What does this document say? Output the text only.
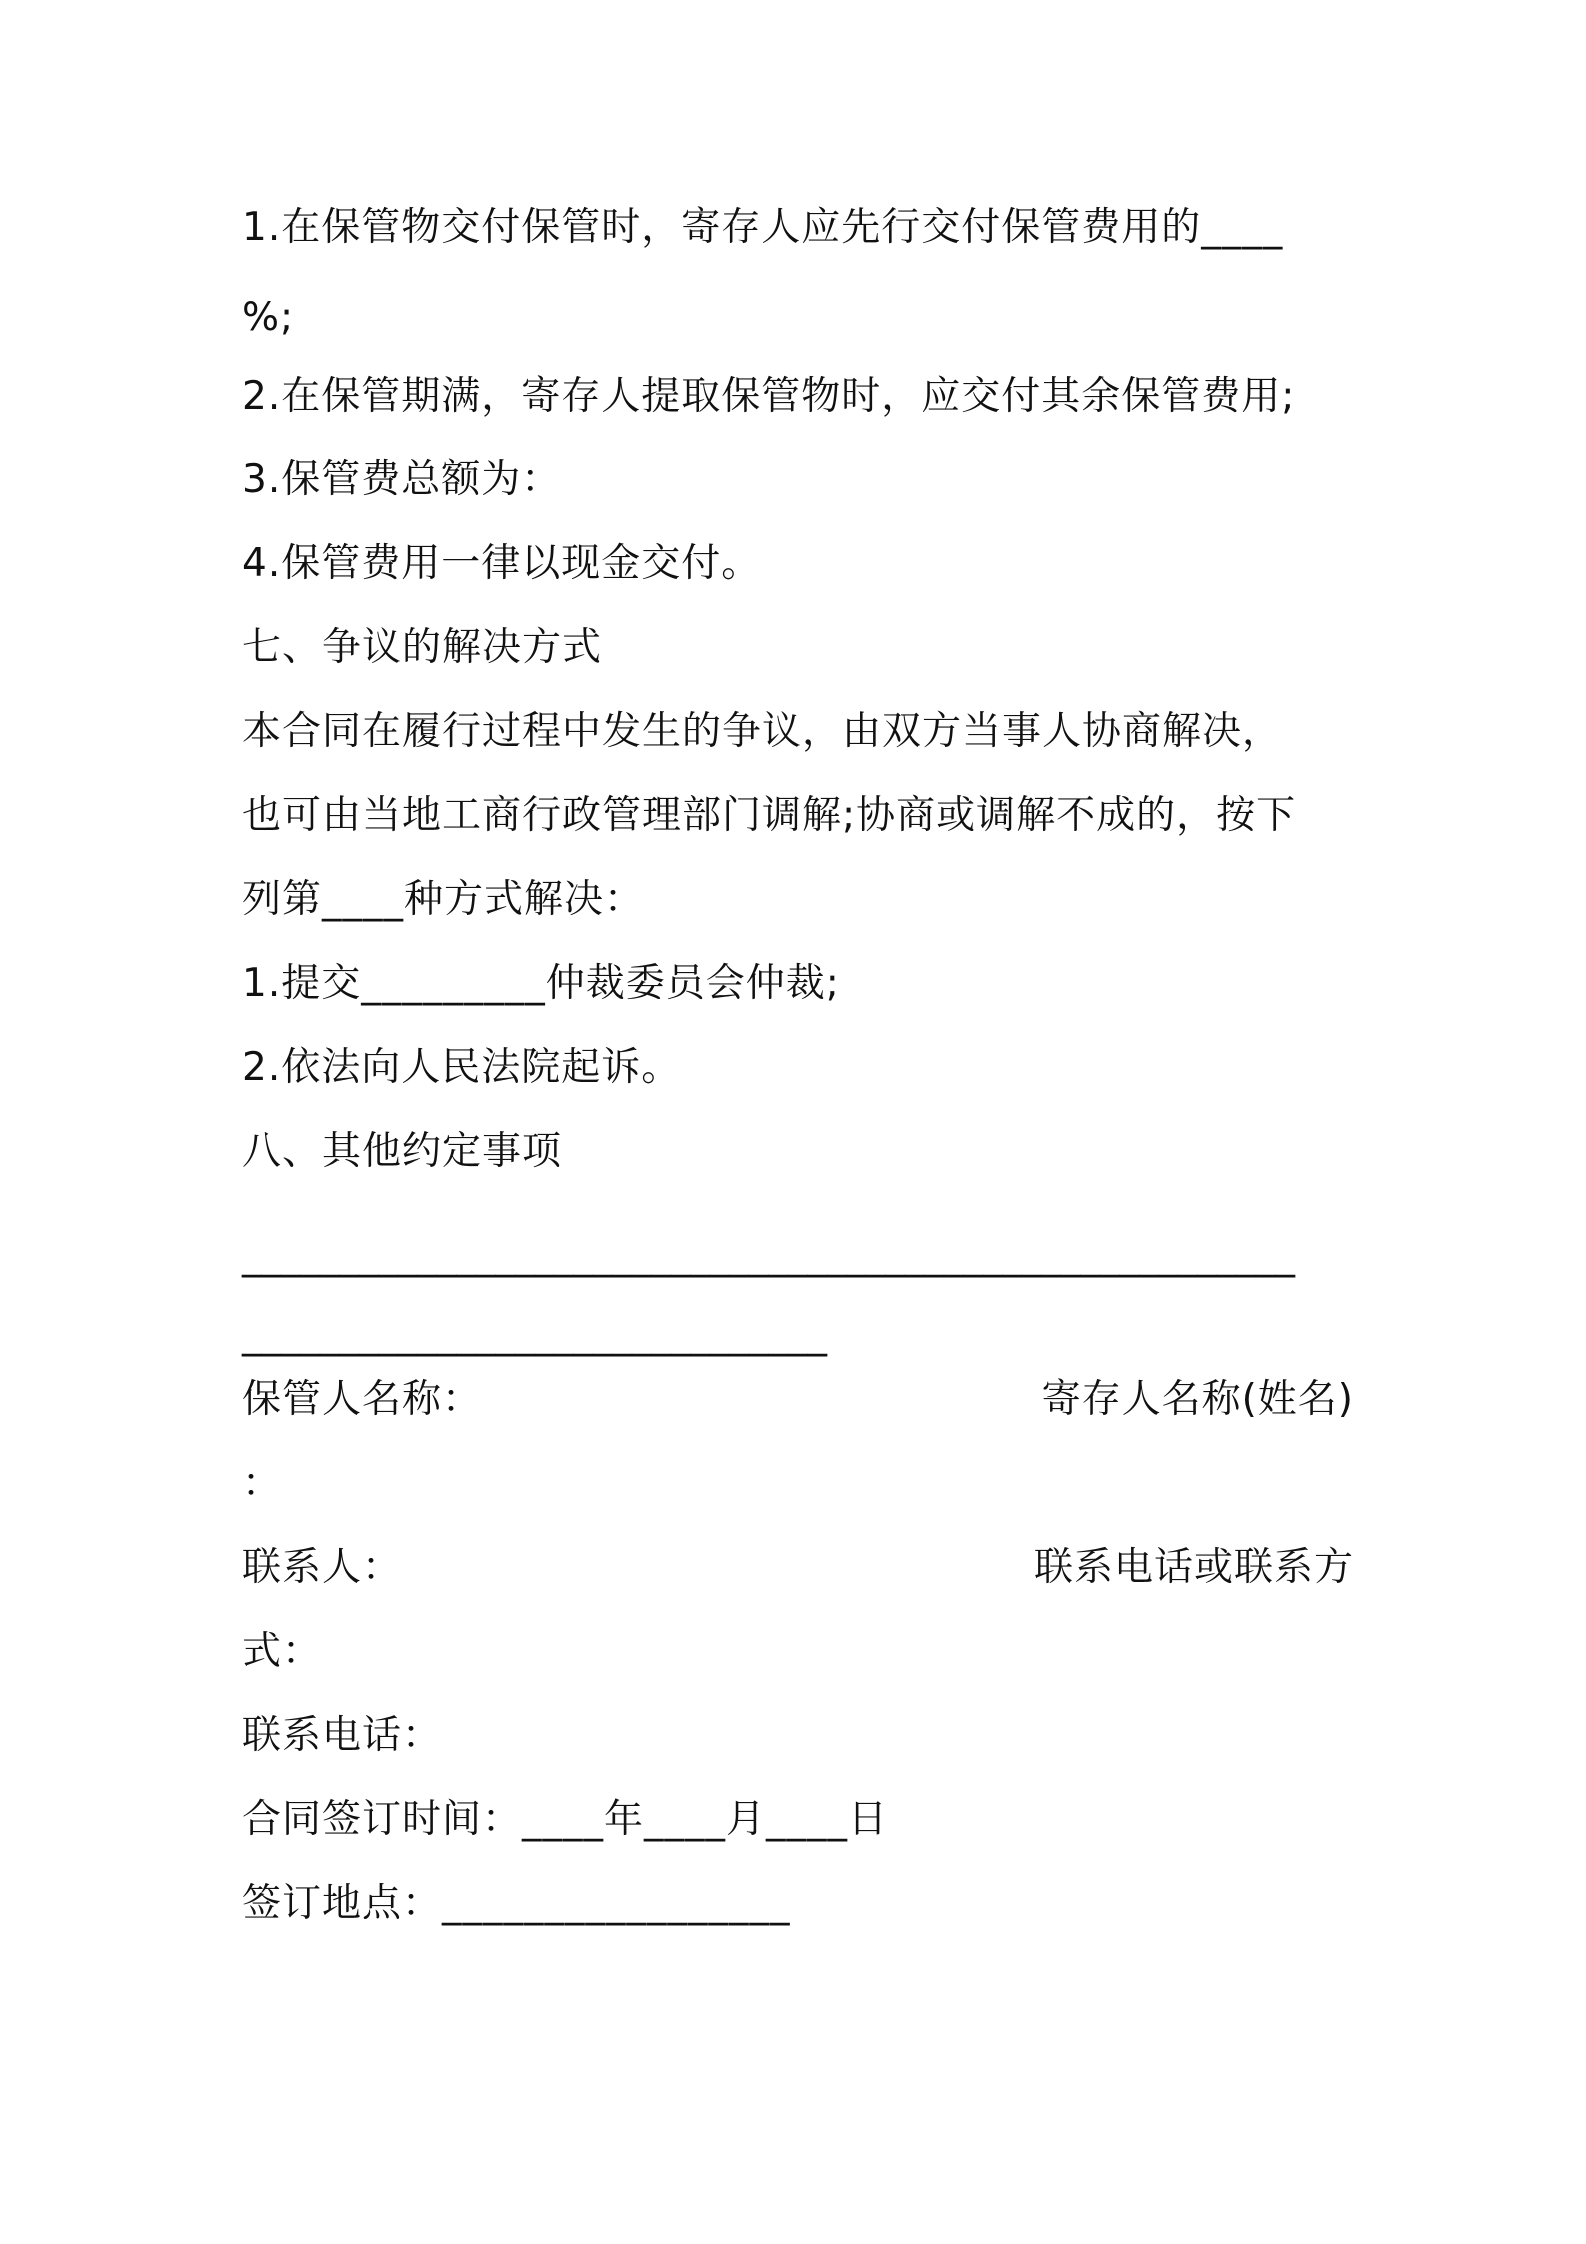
1.在保管物交付保管时，寄存人应先行交付保管费用的____
%;
2.在保管期满，寄存人提取保管物时，应交付其余保管费用;
3.保管费总额为：
4.保管费用一律以现金交付。
七、争议的解决方式
本合同在履行过程中发生的争议，由双方当事人协商解决，
也可由当地工商行政管理部门调解;协商或调解不成的，按下
列第____种方式解决：
1.提交_________仲裁委员会仲裁;
2.依法向人民法院起诉。
八、其他约定事项
______________________________________________________
______________________________
保管人名称：	寄存人名称(姓名)
：
联系人：	联系电话或联系方
式：
联系电话：
合同签订时间：____年____月____日
签订地点：_________________
